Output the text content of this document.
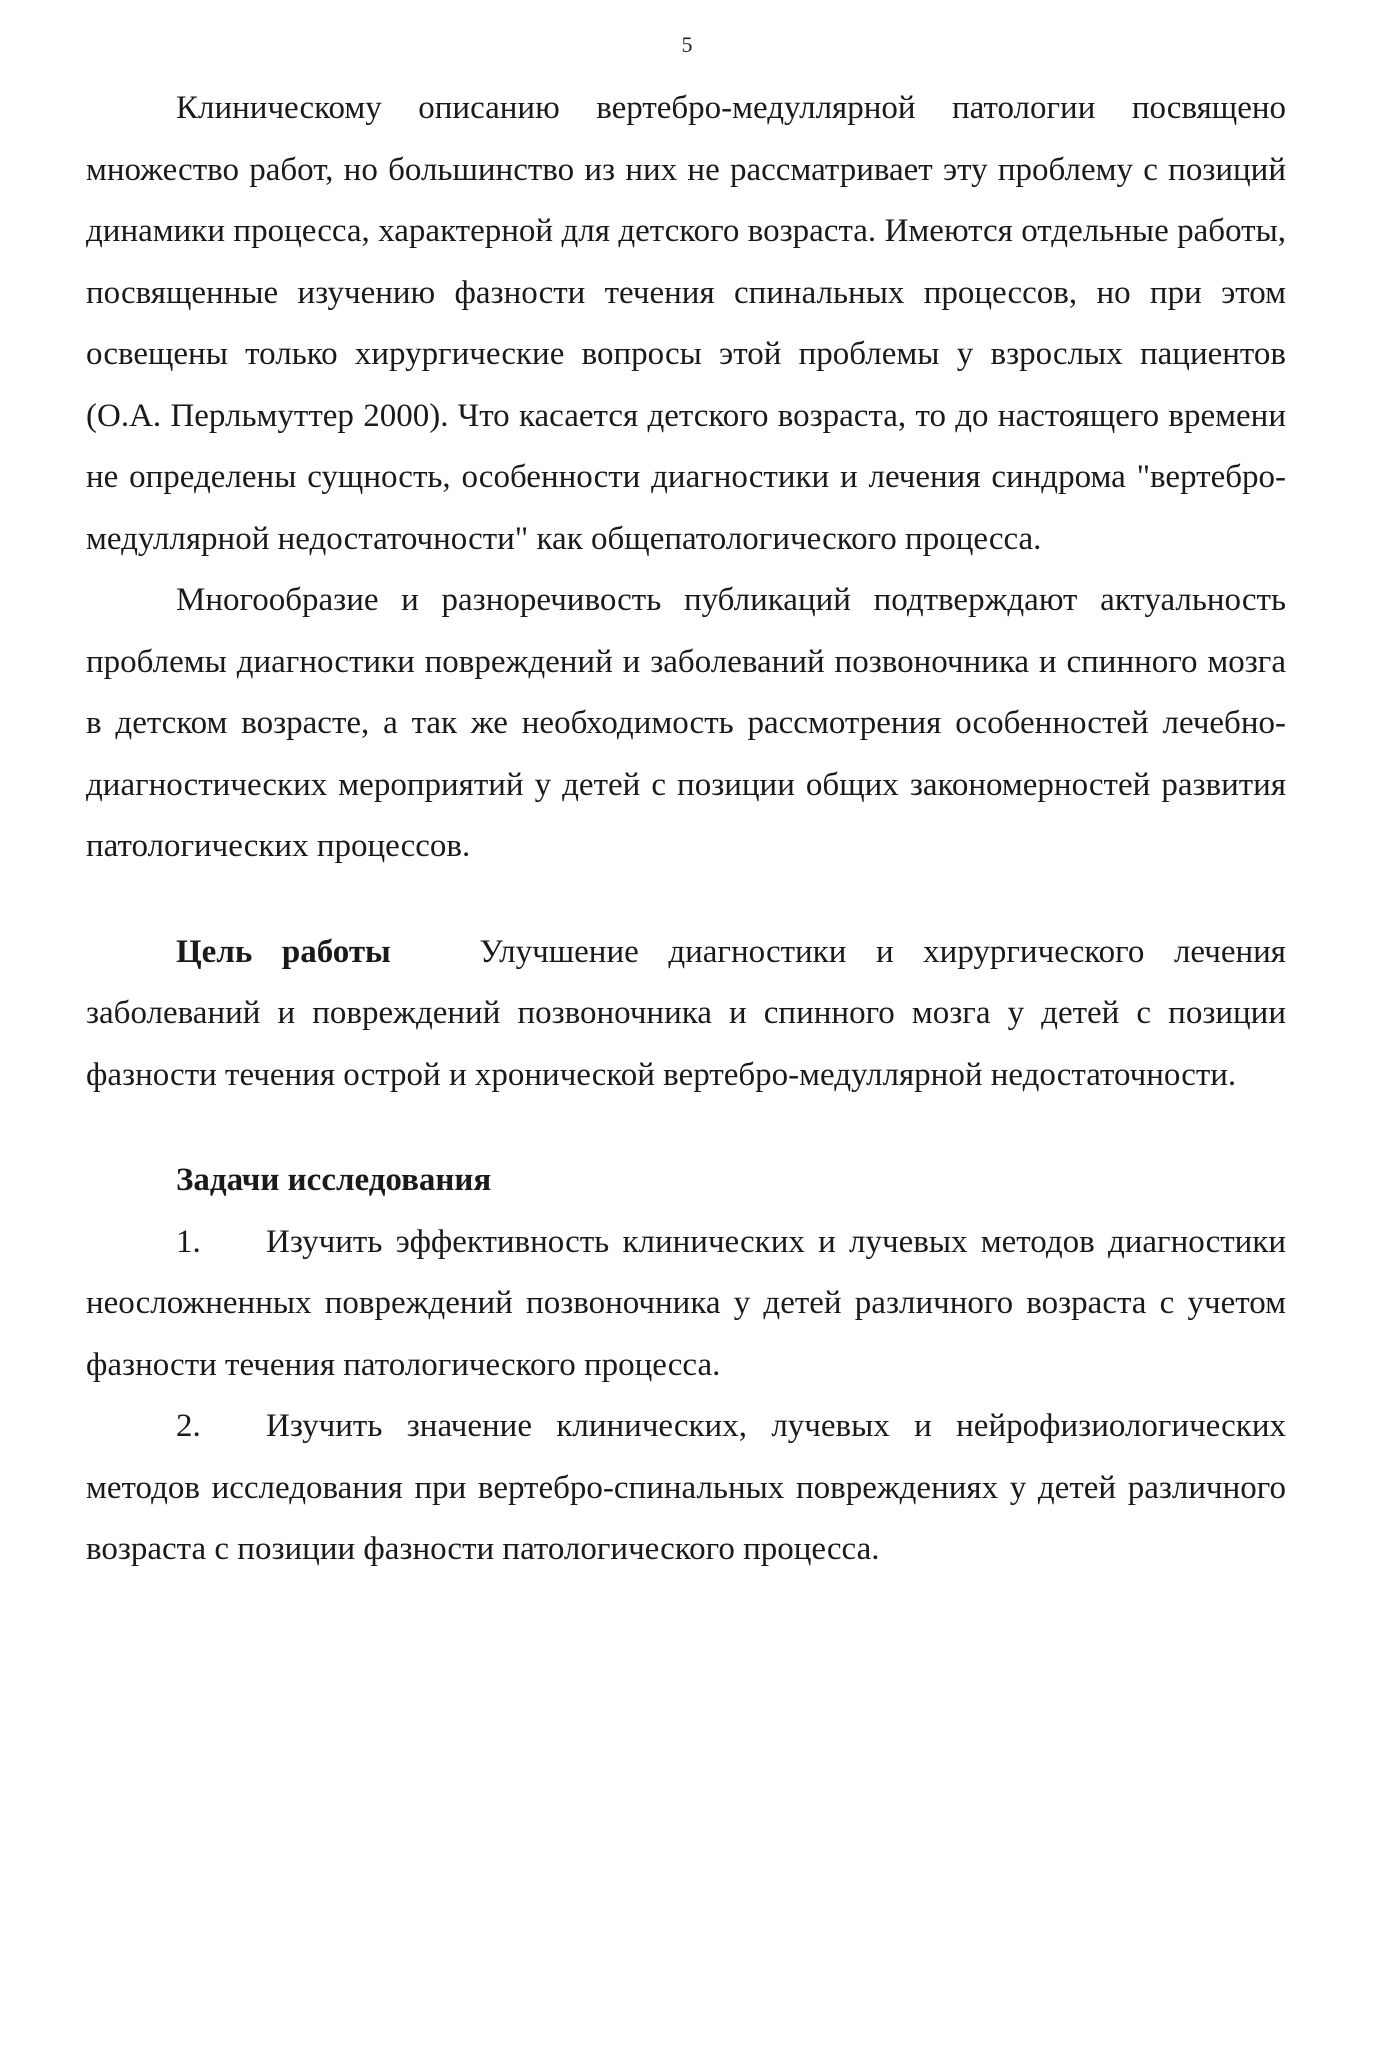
5

Клиническому описанию вертебро-медуллярной патологии посвящено множество работ, но большинство из них не рассматривает эту проблему с позиций динамики процесса, характерной для детского возраста. Имеются отдельные работы, посвященные изучению фазности течения спинальных процессов, но при этом освещены только хирургические вопросы этой проблемы у взрослых пациентов (О.А. Перльмуттер 2000). Что касается детского возраста, то до настоящего времени не определены сущность, особенности диагностики и лечения синдрома "вертебро-медуллярной недостаточности" как общепатологического процесса.

Многообразие и разноречивость публикаций подтверждают актуальность проблемы диагностики повреждений и заболеваний позвоночника и спинного мозга в детском возрасте, а так же необходимость рассмотрения особенностей лечебно-диагностических мероприятий у детей с позиции общих закономерностей развития патологических процессов.

Цель работы	Улучшение диагностики и хирургического лечения заболеваний и повреждений позвоночника и спинного мозга у детей с позиции фазности течения острой и хронической вертебро-медуллярной недостаточности.

Задачи исследования

1. Изучить эффективность клинических и лучевых методов диагностики неосложненных повреждений позвоночника у детей различного возраста с учетом фазности течения патологического процесса.

2. Изучить значение клинических, лучевых и нейрофизиологических методов исследования при вертебро-спинальных повреждениях у детей различного возраста с позиции фазности патологического процесса.
